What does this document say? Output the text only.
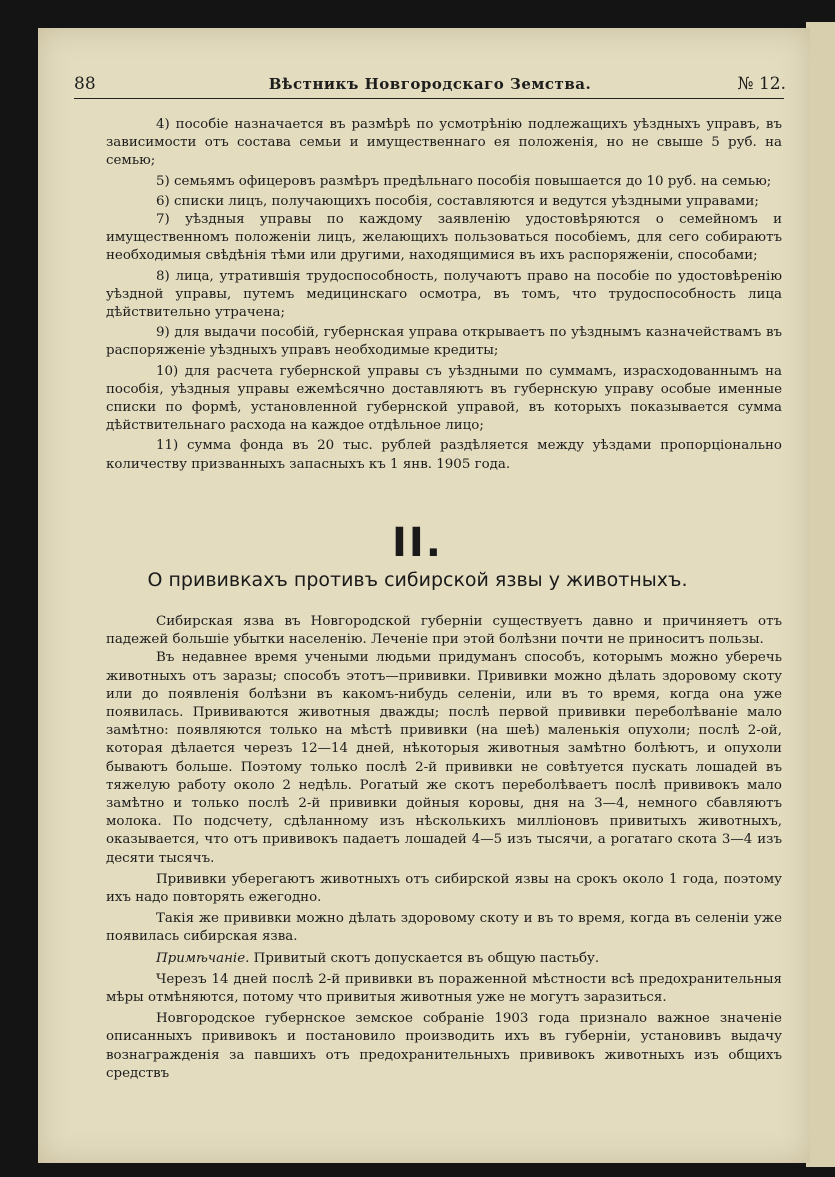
88	Вѣстникъ Новгородскаго Земства.	№ 12.

4) пособіе назначается въ размѣрѣ по усмотрѣнію подлежащихъ уѣздныхъ управъ, въ зависимости отъ состава семьи и имущественнаго ея положенія, но не свыше 5 руб. на семью;

5) семьямъ офицеровъ размѣръ предѣльнаго пособія повышается до 10 руб. на семью;

6) списки лицъ, получающихъ пособія, составляются и ведутся уѣздными управами;

7) уѣздныя управы по каждому заявленію удостовѣряются о семейномъ и имущественномъ положеніи лицъ, желающихъ пользоваться пособіемъ, для сего собираютъ необходимыя свѣдѣнія тѣми или другими, находящимися въ ихъ распоряженіи, способами;

8) лица, утратившія трудоспособность, получаютъ право на пособіе по удостовѣренію уѣздной управы, путемъ медицинскаго осмотра, въ томъ, что трудоспособность лица дѣйствительно утрачена;

9) для выдачи пособій, губернская управа открываетъ по уѣзднымъ казначействамъ въ распоряженіе уѣздныхъ управъ необходимые кредиты;

10) для расчета губернской управы съ уѣздными по суммамъ, израсходованнымъ на пособія, уѣздныя управы ежемѣсячно доставляютъ въ губернскую управу особые именные списки по формѣ, установленной губернской управой, въ которыхъ показывается сумма дѣйствительнаго расхода на каждое отдѣльное лицо;

11) сумма фонда въ 20 тыс. рублей раздѣляется между уѣздами пропорціонально количеству призванныхъ запасныхъ къ 1 янв. 1905 года.

II.
О прививкахъ противъ сибирской язвы у животныхъ.

Сибирская язва въ Новгородской губерніи существуетъ давно и причиняетъ отъ падежей большіе убытки населенію. Леченіе при этой болѣзни почти не приноситъ пользы.

Въ недавнее время учеными людьми придуманъ способъ, которымъ можно уберечь животныхъ отъ заразы; способъ этотъ—прививки. Прививки можно дѣлать здоровому скоту или до появленія болѣзни въ какомъ-нибудь селеніи, или въ то время, когда она уже появилась. Прививаются животныя дважды; послѣ первой прививки переболѣваніе мало замѣтно: появляются только на мѣстѣ прививки (на шеѣ) маленькія опухоли; послѣ 2-ой, которая дѣлается черезъ 12—14 дней, нѣкоторыя животныя замѣтно болѣютъ, и опухоли бываютъ больше. Поэтому только послѣ 2-й прививки не совѣтуется пускать лошадей въ тяжелую работу около 2 недѣль. Рогатый же скотъ переболѣваетъ послѣ прививокъ мало замѣтно и только послѣ 2-й прививки дойныя коровы, дня на 3—4, немного сбавляютъ молока. По подсчету, сдѣланному изъ нѣсколькихъ милліоновъ привитыхъ животныхъ, оказывается, что отъ прививокъ падаетъ лошадей 4—5 изъ тысячи, а рогатаго скота 3—4 изъ десяти тысячъ.

Прививки уберегаютъ животныхъ отъ сибирской язвы на срокъ около 1 года, поэтому ихъ надо повторять ежегодно.

Такія же прививки можно дѣлать здоровому скоту и въ то время, когда въ селеніи уже появилась сибирская язва.

Примѣчаніе. Привитый скотъ допускается въ общую пастьбу.

Черезъ 14 дней послѣ 2-й прививки въ пораженной мѣстности всѣ предохранительныя мѣры отмѣняются, потому что привитыя животныя уже не могутъ заразиться.

Новгородское губернское земское собраніе 1903 года признало важное значеніе описанныхъ прививокъ и постановило производить ихъ въ губерніи, установивъ выдачу вознагражденія за павшихъ отъ предохранительныхъ прививокъ животныхъ изъ общихъ средствъ
